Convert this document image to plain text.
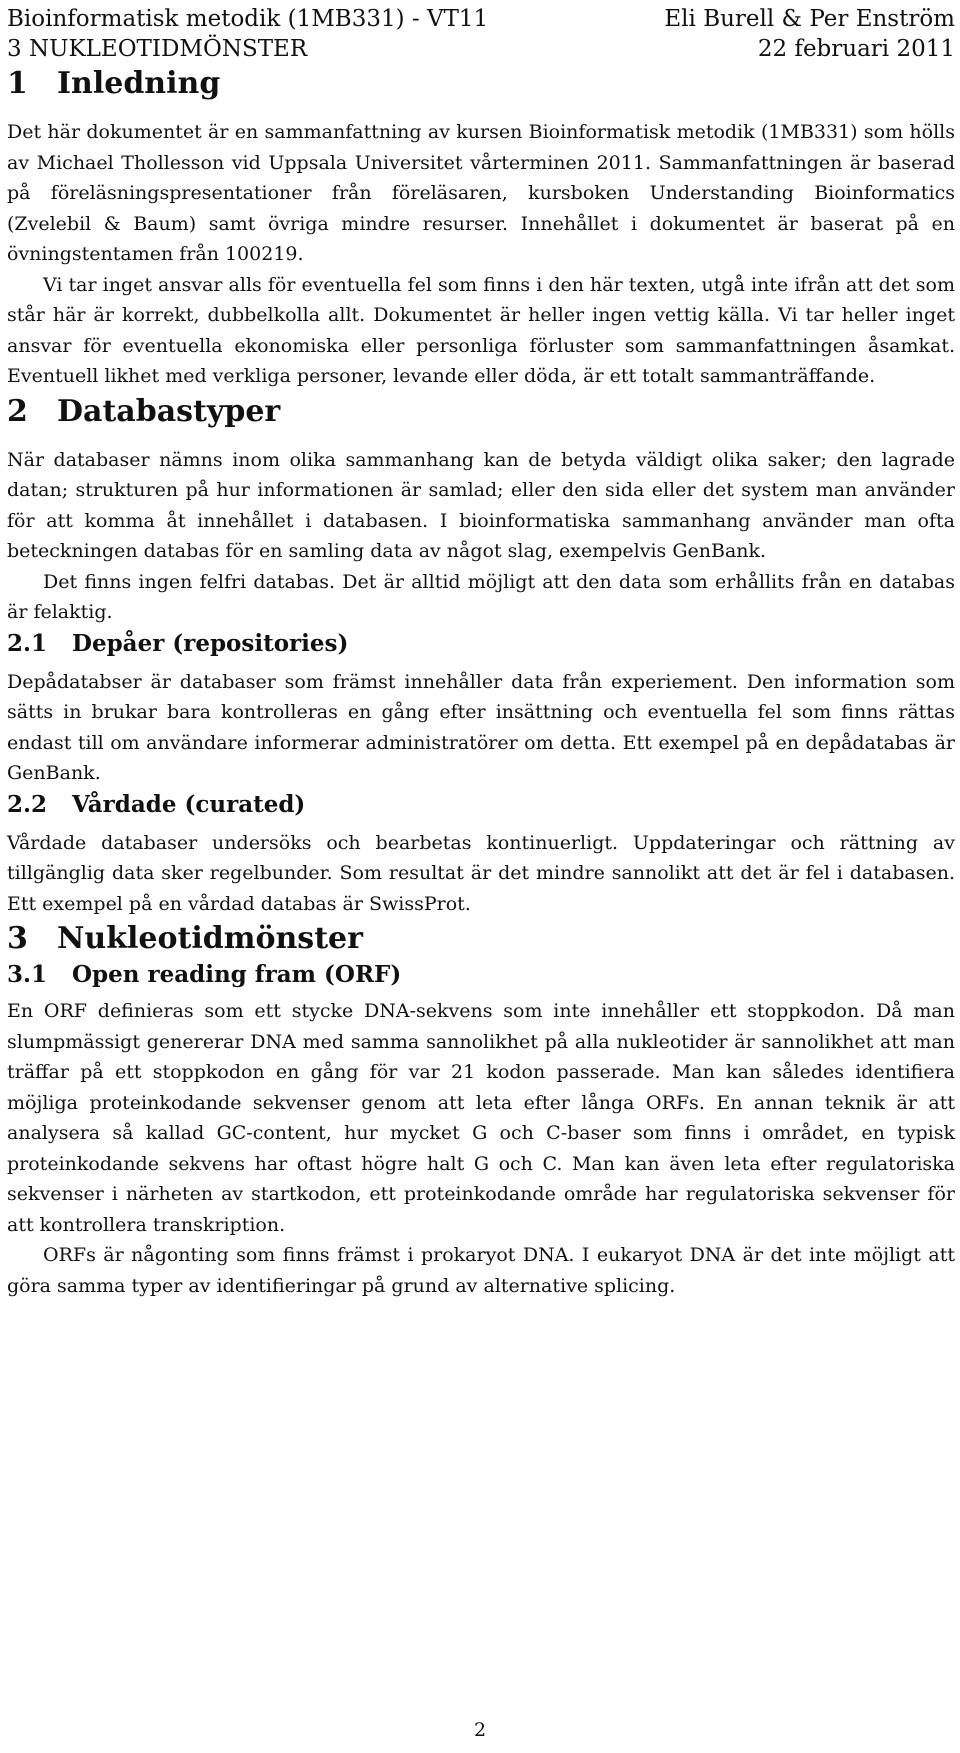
Bioinformatisk metodik (1MB331) - VT11	Eli Burell & Per Enström
3 NUKLEOTIDMÖNSTER	22 februari 2011
1 Inledning

Det här dokumentet är en sammanfattning av kursen Bioinformatisk metodik (1MB331) som hölls av Michael Thollesson vid Uppsala Universitet vårterminen 2011. Sammanfattningen är baserad på föreläsningspresentationer från föreläsaren, kursboken Understanding Bioinformatics (Zvelebil & Baum) samt övriga mindre resurser. Innehållet i dokumentet är baserat på en övningstentamen från 100219.

Vi tar inget ansvar alls för eventuella fel som finns i den här texten, utgå inte ifrån att det som står här är korrekt, dubbelkolla allt. Dokumentet är heller ingen vettig källa. Vi tar heller inget ansvar för eventuella ekonomiska eller personliga förluster som sammanfattningen åsamkat. Eventuell likhet med verkliga personer, levande eller döda, är ett totalt sammanträffande.

2 Databastyper

När databaser nämns inom olika sammanhang kan de betyda väldigt olika saker; den lagrade datan; strukturen på hur informationen är samlad; eller den sida eller det system man använder för att komma åt innehållet i databasen. I bioinformatiska sammanhang använder man ofta beteckningen databas för en samling data av något slag, exempelvis GenBank.

Det finns ingen felfri databas. Det är alltid möjligt att den data som erhållits från en databas är felaktig.

2.1 Depåer (repositories)

Depådatabser är databaser som främst innehåller data från experiement. Den information som sätts in brukar bara kontrolleras en gång efter insättning och eventuella fel som finns rättas endast till om användare informerar administratörer om detta. Ett exempel på en depådatabas är GenBank.

2.2 Vårdade (curated)

Vårdade databaser undersöks och bearbetas kontinuerligt. Uppdateringar och rättning av tillgänglig data sker regelbunder. Som resultat är det mindre sannolikt att det är fel i databasen. Ett exempel på en vårdad databas är SwissProt.

3 Nukleotidmönster
3.1 Open reading fram (ORF)

En ORF definieras som ett stycke DNA-sekvens som inte innehåller ett stoppkodon. Då man slumpmässigt genererar DNA med samma sannolikhet på alla nukleotider är sannolikhet att man träffar på ett stoppkodon en gång för var 21 kodon passerade. Man kan således identifiera möjliga proteinkodande sekvenser genom att leta efter långa ORFs. En annan teknik är att analysera så kallad GC-content, hur mycket G och C-baser som finns i området, en typisk proteinkodande sekvens har oftast högre halt G och C. Man kan även leta efter regulatoriska sekvenser i närheten av startkodon, ett proteinkodande område har regulatoriska sekvenser för att kontrollera transkription.

ORFs är någonting som finns främst i prokaryot DNA. I eukaryot DNA är det inte möjligt att göra samma typer av identifieringar på grund av alternative splicing.

2
